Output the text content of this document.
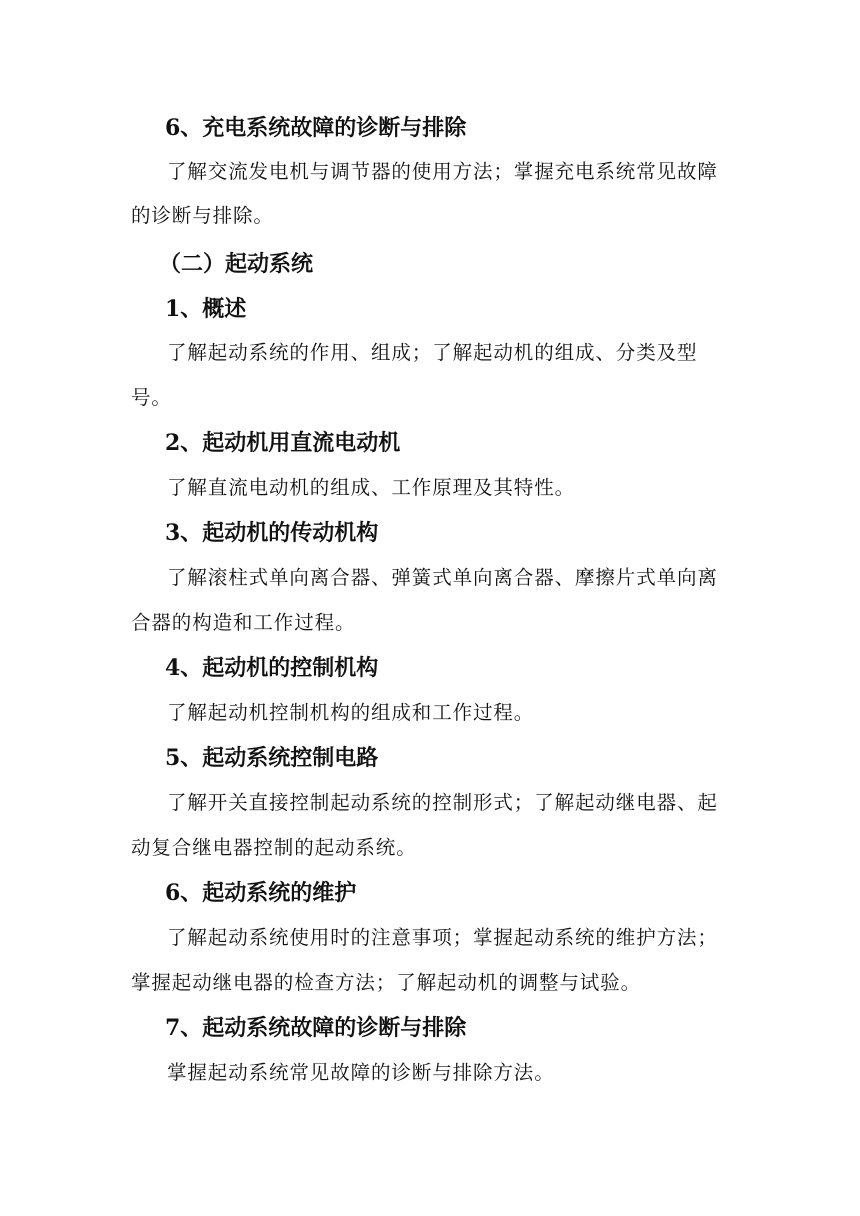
6、充电系统故障的诊断与排除
了解交流发电机与调节器的使用方法；掌握充电系统常见故障
的诊断与排除。
（二）起动系统
1、概述
了解起动系统的作用、组成；了解起动机的组成、分类及型
号。
2、起动机用直流电动机
了解直流电动机的组成、工作原理及其特性。
3、起动机的传动机构
了解滚柱式单向离合器、弹簧式单向离合器、摩擦片式单向离
合器的构造和工作过程。
4、起动机的控制机构
了解起动机控制机构的组成和工作过程。
5、起动系统控制电路
了解开关直接控制起动系统的控制形式；了解起动继电器、起
动复合继电器控制的起动系统。
6、起动系统的维护
了解起动系统使用时的注意事项；掌握起动系统的维护方法；
掌握起动继电器的检查方法；了解起动机的调整与试验。
7、起动系统故障的诊断与排除
掌握起动系统常见故障的诊断与排除方法。
